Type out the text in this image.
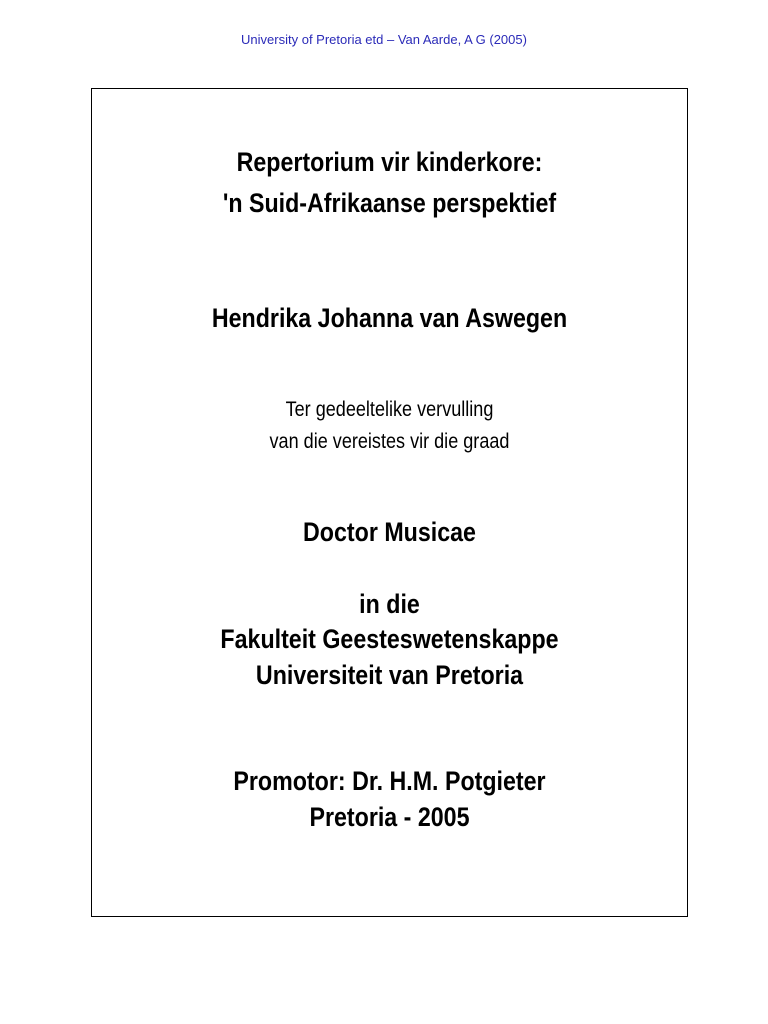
University of Pretoria etd – Van Aarde, A G (2005)
Repertorium vir kinderkore:
'n Suid-Afrikaanse perspektief
Hendrika Johanna van Aswegen
Ter gedeeltelike vervulling
van die vereistes vir die graad
Doctor Musicae
in die
Fakulteit Geesteswetenskappe
Universiteit van Pretoria
Promotor: Dr. H.M. Potgieter
Pretoria - 2005
